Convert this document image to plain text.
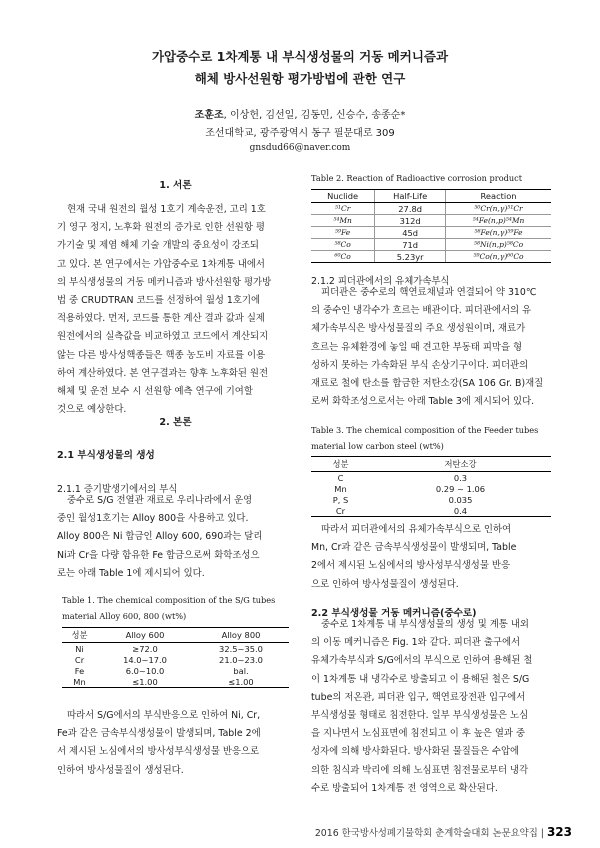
가압중수로 1차계통 내 부식생성물의 거동 메커니즘과
해체 방사선원항 평가방법에 관한 연구
조훈조, 이상헌, 김선일, 김동민, 신승수, 송종순*
조선대학교, 광주광역시 동구 필문대로 309
gnsdud66@naver.com
1. 서론
현재 국내 원전의 월성 1호기 계속운전, 고리 1호
기 영구 정지, 노후화 원전의 증가로 인한 선원항 평
가기술 및 제염 해체 기술 개발의 중요성이 강조되
고 있다. 본 연구에서는 가압중수로 1차계통 내에서
의 부식생성물의 거동 메커니즘과 방사선원항 평가방
법 중 CRUDTRAN 코드를 선정하여 월성 1호기에
적용하였다. 먼저, 코드를 통한 계산 결과 값과 실제
원전에서의 실측값을 비교하였고 코드에서 계산되지
않는 다른 방사성핵종들은 핵종 농도비 자료를 이용
하여 계산하였다. 본 연구결과는 향후 노후화된 원전
해체 및 운전 보수 시 선원항 예측 연구에 기여할
것으로 예상한다.
2. 본론
2.1 부식생성물의 생성
2.1.1 증기발생기에서의 부식
중수로 S/G 전열관 재료로 우리나라에서 운영
중인 월성1호기는 Alloy 800을 사용하고 있다.
Alloy 800은 Ni 합금인 Alloy 600, 690과는 달리
Ni과 Cr을 다량 함유한 Fe 합금으로써 화학조성으
로는 아래 Table 1에 제시되어 있다.
Table 1. The chemical composition of the S/G tubes
material Alloy 600, 800 (wt%)
성분	Alloy 600	Alloy 800
Ni	≥72.0	32.5~35.0
Cr	14.0~17.0	21.0~23.0
Fe	6.0~10.0	bal.
Mn	≤1.00	≤1.00
따라서 S/G에서의 부식반응으로 인하여 Ni, Cr,
Fe과 같은 금속부식생성물이 발생되며, Table 2에
서 제시된 노심에서의 방사성부식생성물 반응으로
인하여 방사성물질이 생성된다.
Table 2. Reaction of Radioactive corrosion product
Nuclide	Half-Life	Reaction
⁵¹Cr	27.8d	⁵⁰Cr(n,γ)⁵¹Cr
⁵⁴Mn	312d	⁵⁴Fe(n,p)⁵⁴Mn
⁵⁹Fe	45d	⁵⁸Fe(n,γ)⁵⁹Fe
⁵⁸Co	71d	⁵⁸Ni(n,p)⁵⁸Co
⁶⁰Co	5.23yr	⁵⁹Co(n,γ)⁶⁰Co
2.1.2 피더관에서의 유체가속부식
피더관은 중수로의 핵연료채널과 연결되어 약 310℃
의 중수인 냉각수가 흐르는 배관이다. 피더관에서의 유
체가속부식은 방사성물질의 주요 생성원이며, 재료가
흐르는 유체환경에 놓일 때 견고한 부동태 피막을 형
성하지 못하는 가속화된 부식 손상기구이다. 피더관의
재료로 철에 탄소를 합금한 저탄소강(SA 106 Gr. B)재질
로써 화학조성으로서는 아래 Table 3에 제시되어 있다.
Table 3. The chemical composition of the Feeder tubes
material low carbon steel (wt%)
성분	저탄소강
C	0.3
Mn	0.29 ~ 1.06
P, S	0.035
Cr	0.4
따라서 피더관에서의 유체가속부식으로 인하여
Mn, Cr과 같은 금속부식생성물이 발생되며, Table
2에서 제시된 노심에서의 방사성부식생성물 반응
으로 인하여 방사성물질이 생성된다.
2.2 부식생성물 거동 메커니즘(중수로)
중수로 1차계통 내 부식생성물의 생성 및 계통 내외
의 이동 메커니즘은 Fig. 1와 같다. 피더관 출구에서
유체가속부식과 S/G에서의 부식으로 인하여 용해된 철
이 1차계통 내 냉각수로 방출되고 이 용해된 철은 S/G
tube의 저온관, 피더관 입구, 핵연료장전관 입구에서
부식생성물 형태로 침전한다. 일부 부식생성물은 노심
을 지나면서 노심표면에 침전되고 이 후 높은 열과 중
성자에 의해 방사화된다. 방사화된 물질들은 수압에
의한 침식과 박리에 의해 노심표면 침전물로부터 냉각
수로 방출되어 1차계통 전 영역으로 확산된다.
2016 한국방사성폐기물학회 춘계학술대회 논문요약집 | 323
